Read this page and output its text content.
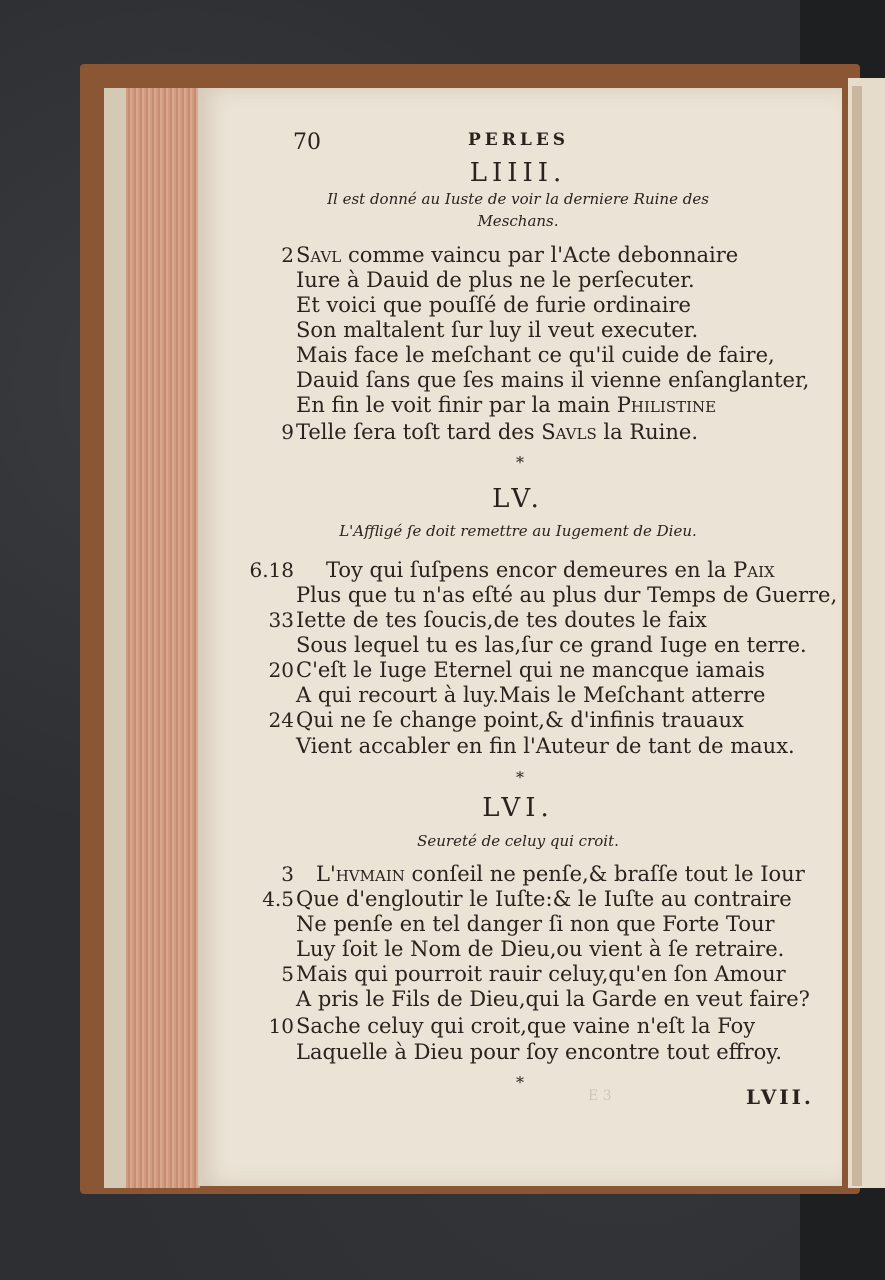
70	PERLES
LIIII.
Il est donné au Iuste de voir la derniere Ruine des
Meschans.
2 Savl comme vaincu par l'Acte debonnaire
Iure à Dauid de plus ne le perſecuter.
Et voici que pouſſé de furie ordinaire
Son maltalent ſur luy il veut executer.
Mais face le meſchant ce qu'il cuide de faire,
Dauid ſans que ſes mains il vienne enſanglanter,
En fin le voit finir par la main Philistine
9 Telle ſera toſt tard des Savls la Ruine.
*
LV.
L'Affligé ſe doit remettre au Iugement de Dieu.
6.18 Toy qui ſuſpens encor demeures en la Paix
Plus que tu n'as eſté au plus dur Temps de Guerre,
33 Iette de tes ſoucis,de tes doutes le faix
Sous lequel tu es las,ſur ce grand Iuge en terre.
20 C'eſt le Iuge Eternel qui ne mancque iamais
A qui recourt à luy.Mais le Meſchant atterre
24 Qui ne ſe change point,& d'infinis trauaux
Vient accabler en fin l'Auteur de tant de maux.
*
LVI.
Seureté de celuy qui croit.
3 L'hvmain conſeil ne penſe,& braſſe tout le Iour
4.5 Que d'engloutir le Iuſte:& le Iuſte au contraire
Ne penſe en tel danger ſi non que Forte Tour
Luy ſoit le Nom de Dieu,ou vient à ſe retraire.
5 Mais qui pourroit rauir celuy,qu'en ſon Amour
A pris le Fils de Dieu,qui la Garde en veut faire?
10 Sache celuy qui croit,que vaine n'eſt la Foy
Laquelle à Dieu pour ſoy encontre tout effroy.
*
E 3	LVII.
